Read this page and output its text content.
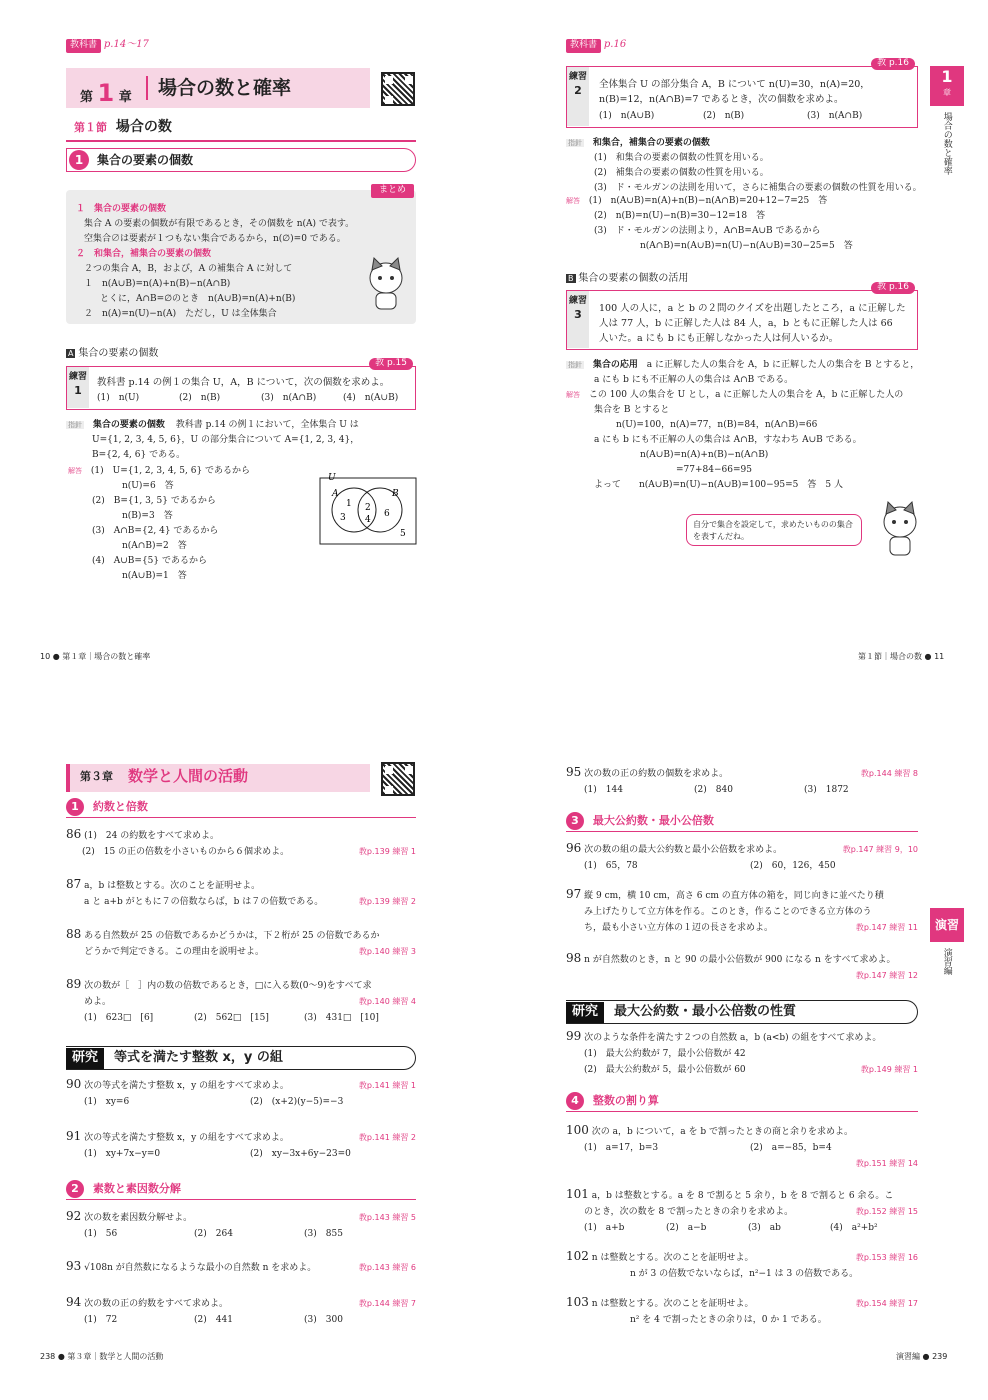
教科書 p.14〜17
第 1 章 場合の数と確率
第１節 場合の数
1	集合の要素の個数
まとめ
１　集合の要素の個数
集合 A の要素の個数が有限であるとき，その個数を n(A) で表す。
空集合∅は要素が１つもない集合であるから，n(∅)=0 である。
２　和集合，補集合の要素の個数
２つの集合 A，B，および，A の補集合 A に対して
１　n(A∪B)=n(A)+n(B)−n(A∩B)
とくに，A∩B=∅のとき　n(A∪B)=n(A)+n(B)
２　n(A)=n(U)−n(A)　ただし，U は全体集合
A 集合の要素の個数
練習
1
教 p.15
教科書 p.14 の例１の集合 U，A，B について，次の個数を求めよ。
(1)　n(U)	(2)　n(B)	(3)　n(A∩B)	(4)　n(A∪B)
指針 集合の要素の個数 教科書 p.14 の例１において，全体集合 U は
U={1, 2, 3, 4, 5, 6}，U の部分集合について A={1, 2, 3, 4}，
B={2, 4, 6} である。
解答 (1)　U={1, 2, 3, 4, 5, 6} であるから
n(U)=6　答
(2)　B={1, 3, 5} であるから
n(B)=3　答
(3)　A∩B={2, 4} であるから
n(A∩B)=2　答
(4)　A∪B={5} であるから
n(A∪B)=1　答
U
A	B
1
3
2
4
6
5
10 ● 第１章｜場合の数と確率
教科書 p.16
1
章
場合の数と確率
練習
2
教 p.16
全体集合 U の部分集合 A，B について n(U)=30，n(A)=20，
n(B)=12，n(A∩B)=7 であるとき，次の個数を求めよ。
(1)　n(A∪B)	(2)　n(B)	(3)　n(A∩B)
指針 和集合，補集合の要素の個数
(1)　和集合の要素の個数の性質を用いる。
(2)　補集合の要素の個数の性質を用いる。
(3)　ド・モルガンの法則を用いて，さらに補集合の要素の個数の性質を用いる。
解答 (1)　n(A∪B)=n(A)+n(B)−n(A∩B)=20+12−7=25　答
(2)　n(B)=n(U)−n(B)=30−12=18　答
(3)　ド・モルガンの法則より，A∩B=A∪B であるから
n(A∩B)=n(A∪B)=n(U)−n(A∪B)=30−25=5　答
B 集合の要素の個数の活用
練習
3
教 p.16
100 人の人に，a と b の２問のクイズを出題したところ，a に正解した
人は 77 人，b に正解した人は 84 人，a，b ともに正解した人は 66
人いた。a にも b にも正解しなかった人は何人いるか。
指針 集合の応用 a に正解した人の集合を A，b に正解した人の集合を B とすると，
a にも b にも不正解の人の集合は A∩B である。
解答 この 100 人の集合を U とし，a に正解した人の集合を A，b に正解した人の
集合を B とすると
n(U)=100，n(A)=77，n(B)=84，n(A∩B)=66
a にも b にも不正解の人の集合は A∩B，すなわち A∪B である。
n(A∪B)=n(A)+n(B)−n(A∩B)
=77+84−66=95
よって　　n(A∪B)=n(U)−n(A∪B)=100−95=5　答　5 人
自分で集合を設定して，求めたいものの集合を表すんだね。
第１節｜場合の数 ● 11
第３章 数学と人間の活動
1 約数と倍数
86 (1)　24 の約数をすべて求めよ。
(2)　15 の正の倍数を小さいものから６個求めよ。	教p.139 練習 1
87 a，b は整数とする。次のことを証明せよ。
a と a+b がともに７の倍数ならば，b は７の倍数である。	教p.139 練習 2
88 ある自然数が 25 の倍数であるかどうかは，下２桁が 25 の倍数であるか
どうかで判定できる。この理由を説明せよ。	教p.140 練習 3
89 次の数が［　］内の数の倍数であるとき，□に入る数(0〜9)をすべて求
めよ。	教p.140 練習 4
(1)　623□　[6]	(2)　562□　[15]	(3)　431□　[10]
研究	等式を満たす整数 x，y の組
90 次の等式を満たす整数 x，y の組をすべて求めよ。	教p.141 練習 1
(1)　xy=6	(2)　(x+2)(y−5)=−3
91 次の等式を満たす整数 x，y の組をすべて求めよ。	教p.141 練習 2
(1)　xy+7x−y=0	(2)　xy−3x+6y−23=0
2 素数と素因数分解
92 次の数を素因数分解せよ。	教p.143 練習 5
(1)　56	(2)　264	(3)　855
93 √108n が自然数になるような最小の自然数 n を求めよ。	教p.143 練習 6
94 次の数の正の約数をすべて求めよ。	教p.144 練習 7
(1)　72	(2)　441	(3)　300
238 ● 第３章｜数学と人間の活動
演習
演習編
95 次の数の正の約数の個数を求めよ。	教p.144 練習 8
(1)　144	(2)　840	(3)　1872
3 最大公約数・最小公倍数
96 次の数の組の最大公約数と最小公倍数を求めよ。	教p.147 練習 9，10
(1)　65，78	(2)　60，126，450
97 縦 9 cm，横 10 cm，高さ 6 cm の直方体の箱を，同じ向きに並べたり積
み上げたりして立方体を作る。このとき，作ることのできる立方体のう
ち，最も小さい立方体の１辺の長さを求めよ。	教p.147 練習 11
98 n が自然数のとき，n と 90 の最小公倍数が 900 になる n をすべて求めよ。
教p.147 練習 12
研究	最大公約数・最小公倍数の性質
99 次のような条件を満たす２つの自然数 a，b (a<b) の組をすべて求めよ。
(1)　最大公約数が 7，最小公倍数が 42
(2)　最大公約数が 5，最小公倍数が 60	教p.149 練習 1
4 整数の割り算
100 次の a，b について，a を b で割ったときの商と余りを求めよ。
(1)　a=17，b=3	(2)　a=−85，b=4
教p.151 練習 14
101 a，b は整数とする。a を 8 で割ると 5 余り，b を 8 で割ると 6 余る。こ
のとき，次の数を 8 で割ったときの余りを求めよ。	教p.152 練習 15
(1)　a+b	(2)　a−b	(3)　ab	(4)　a²+b²
102 n は整数とする。次のことを証明せよ。	教p.153 練習 16
n が 3 の倍数でないならば，n²−1 は 3 の倍数である。
103 n は整数とする。次のことを証明せよ。	教p.154 練習 17
n² を 4 で割ったときの余りは，0 か 1 である。
演習編 ● 239
